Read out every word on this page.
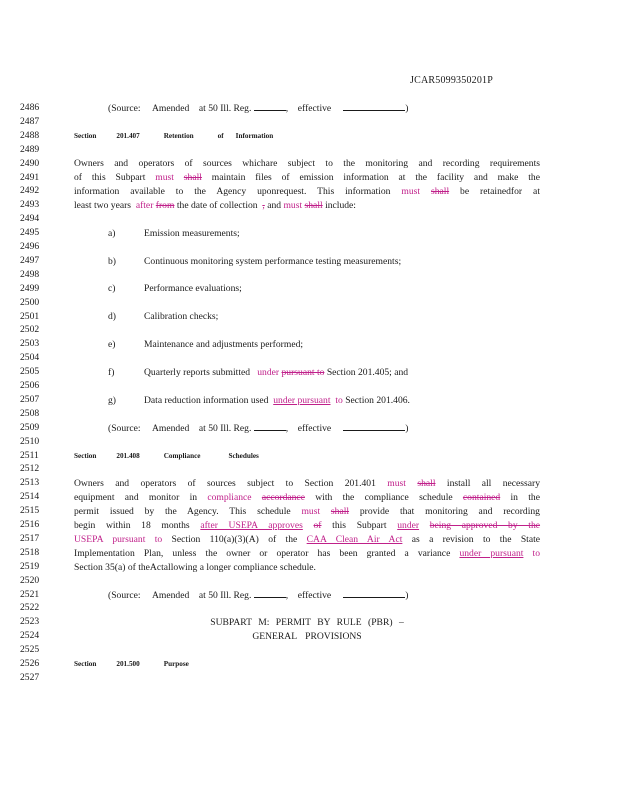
JCAR5099350201P
2486
2487
2488
2489
2490
2491
2492
2493
2494
2495
2496
2497
2498
2499
2500
2501
2502
2503
2504
2505
2506
2507
2508
2509
2510
2511
2512
2513
2514
2515
2516
2517
2518
2519
2520
2521
2522
2523
2524
2525
2526
2527
(Source: Amended at 50 Ill. Reg.	, effective	)
Section	201.407	Retention	of Information
Owners and operators of sources whichare subject to the monitoring and recording requirements
of this Subpart must shall maintain files of emission information at the facility and make the
information available to the Agency uponrequest. This information must shall be retainedfor at
least two years after from the date of collection , and must shall include:
a)	Emission measurements;
b)	Continuous monitoring system performance testing measurements;
c)	Performance evaluations;
d)	Calibration checks;
e)	Maintenance and adjustments performed;
f)	Quarterly reports submitted under pursuant to Section 201.405; and
g)	Data reduction information used under pursuant to Section 201.406.
(Source: Amended at 50 Ill. Reg.	, effective	)
Section	201.408	Compliance	Schedules
Owners and operators of sources subject to Section 201.401 must shall install all necessary
equipment and monitor in compliance accordance with the compliance schedule contained in the
permit issued by the Agency. This schedule must shall provide that monitoring and recording
begin within 18 months after USEPA approves of this Subpart under being approved by the
USEPA pursuant to Section 110(a)(3)(A) of the CAA Clean Air Act as a revision to the State
Implementation Plan, unless the owner or operator has been granted a variance under pursuant to
Section 35(a) of theActallowing a longer compliance schedule.
(Source: Amended at 50 Ill. Reg.	, effective	)
SUBPART M: PERMIT BY RULE (PBR) –
GENERAL PROVISIONS
Section	201.500	Purpose
